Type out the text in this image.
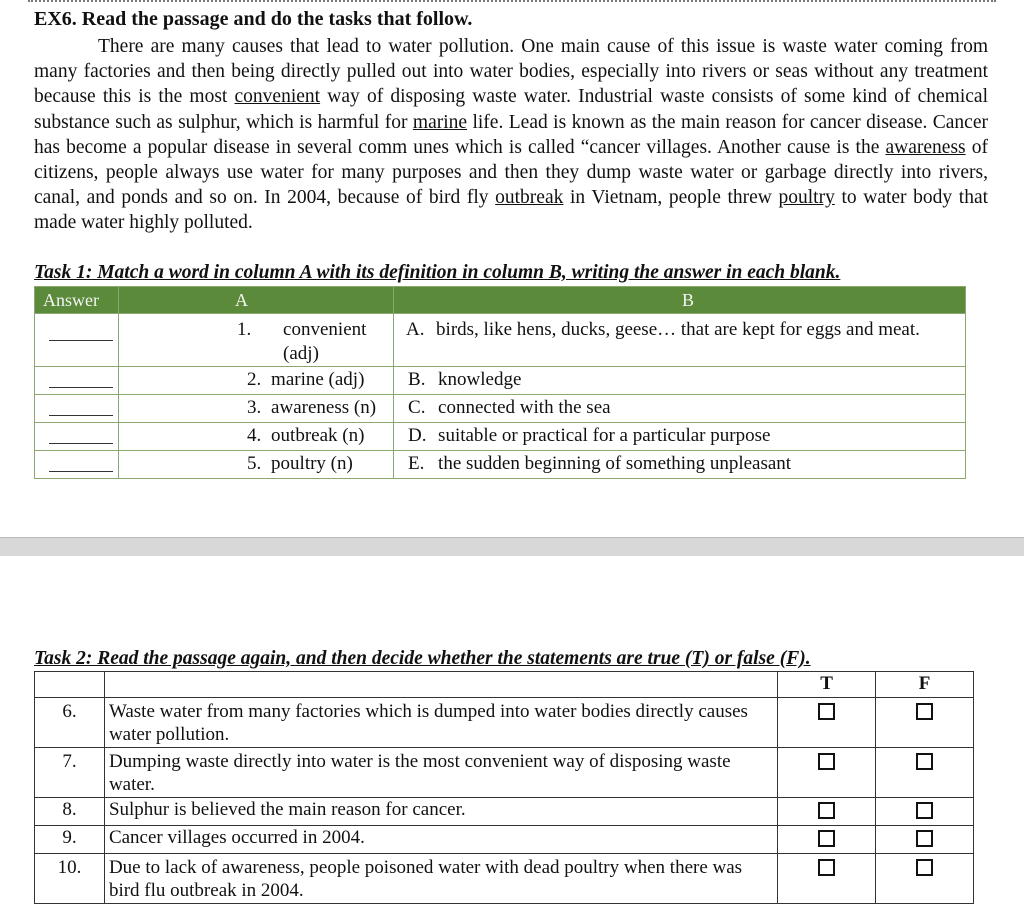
EX6. Read the passage and do the tasks that follow.

There are many causes that lead to water pollution. One main cause of this issue is waste water coming from many factories and then being directly pulled out into water bodies, especially into rivers or seas without any treatment because this is the most convenient way of disposing waste water. Industrial waste consists of some kind of chemical substance such as sulphur, which is harmful for marine life. Lead is known as the main reason for cancer disease. Cancer has become a popular disease in several comm unes which is called “cancer villages. Another cause is the awareness of citizens, people always use water for many purposes and then they dump waste water or garbage directly into rivers, canal, and ponds and so on. In 2004, because of bird fly outbreak in Vietnam, people threw poultry to water body that made water highly polluted.

Task 1: Match a word in column A with its definition in column B, writing the answer in each blank.
Answer	A	B

	1. convenient (adj)	A. birds, like hens, ducks, geese… that are kept for eggs and meat.

	2. marine (adj)	B. knowledge

	3. awareness (n)	C. connected with the sea

	4. outbreak (n)	D. suitable or practical for a particular purpose

	5. poultry (n)	E. the sudden beginning of something unpleasant
Task 2: Read the passage again, and then decide whether the statements are true (T) or false (F).
		T	F
6.	Waste water from many factories which is dumped into water bodies directly causes water pollution.		
7.	Dumping waste directly into water is the most convenient way of disposing waste water.		
8.	Sulphur is believed the main reason for cancer.		
9.	Cancer villages occurred in 2004.		
10.	Due to lack of awareness, people poisoned water with dead poultry when there was bird flu outbreak in 2004.		
